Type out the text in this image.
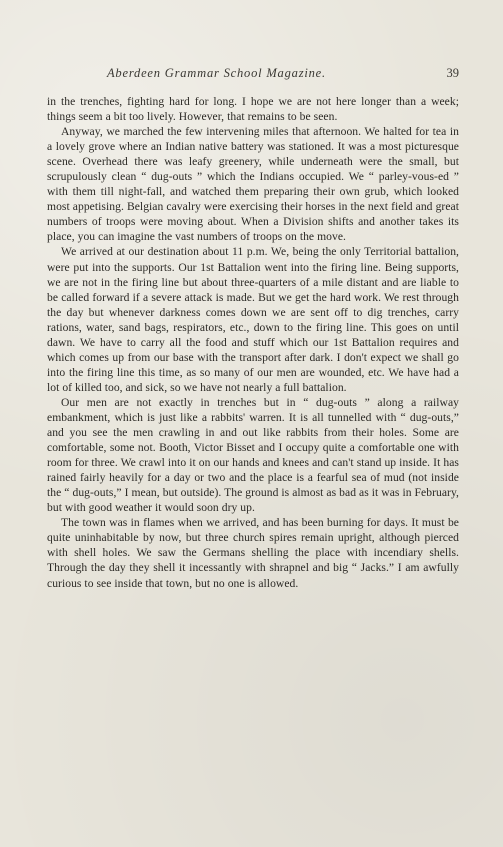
Aberdeen Grammar School Magazine.	39

in the trenches, fighting hard for long. I hope we are not here longer than a week; things seem a bit too lively. However, that remains to be seen.

Anyway, we marched the few intervening miles that afternoon. We halted for tea in a lovely grove where an Indian native battery was stationed. It was a most picturesque scene. Overhead there was leafy greenery, while underneath were the small, but scrupulously clean “ dug-outs ” which the Indians occupied. We “ parley-vous-ed ” with them till night-fall, and watched them preparing their own grub, which looked most appetising. Belgian cavalry were exercising their horses in the next field and great numbers of troops were moving about. When a Division shifts and another takes its place, you can imagine the vast numbers of troops on the move.

We arrived at our destination about 11 p.m. We, being the only Territorial battalion, were put into the supports. Our 1st Battalion went into the firing line. Being supports, we are not in the firing line but about three-quarters of a mile distant and are liable to be called forward if a severe attack is made. But we get the hard work. We rest through the day but whenever darkness comes down we are sent off to dig trenches, carry rations, water, sand bags, respirators, etc., down to the firing line. This goes on until dawn. We have to carry all the food and stuff which our 1st Battalion requires and which comes up from our base with the transport after dark. I don't expect we shall go into the firing line this time, as so many of our men are wounded, etc. We have had a lot of killed too, and sick, so we have not nearly a full battalion.

Our men are not exactly in trenches but in “ dug-outs ” along a railway embankment, which is just like a rabbits' warren. It is all tunnelled with “ dug-outs,” and you see the men crawling in and out like rabbits from their holes. Some are comfortable, some not. Booth, Victor Bisset and I occupy quite a comfortable one with room for three. We crawl into it on our hands and knees and can't stand up inside. It has rained fairly heavily for a day or two and the place is a fearful sea of mud (not inside the “ dug-outs,” I mean, but outside). The ground is almost as bad as it was in February, but with good weather it would soon dry up.

The town was in flames when we arrived, and has been burning for days. It must be quite uninhabitable by now, but three church spires remain upright, although pierced with shell holes. We saw the Germans shelling the place with incendiary shells. Through the day they shell it incessantly with shrapnel and big “ Jacks.” I am awfully curious to see inside that town, but no one is allowed.
